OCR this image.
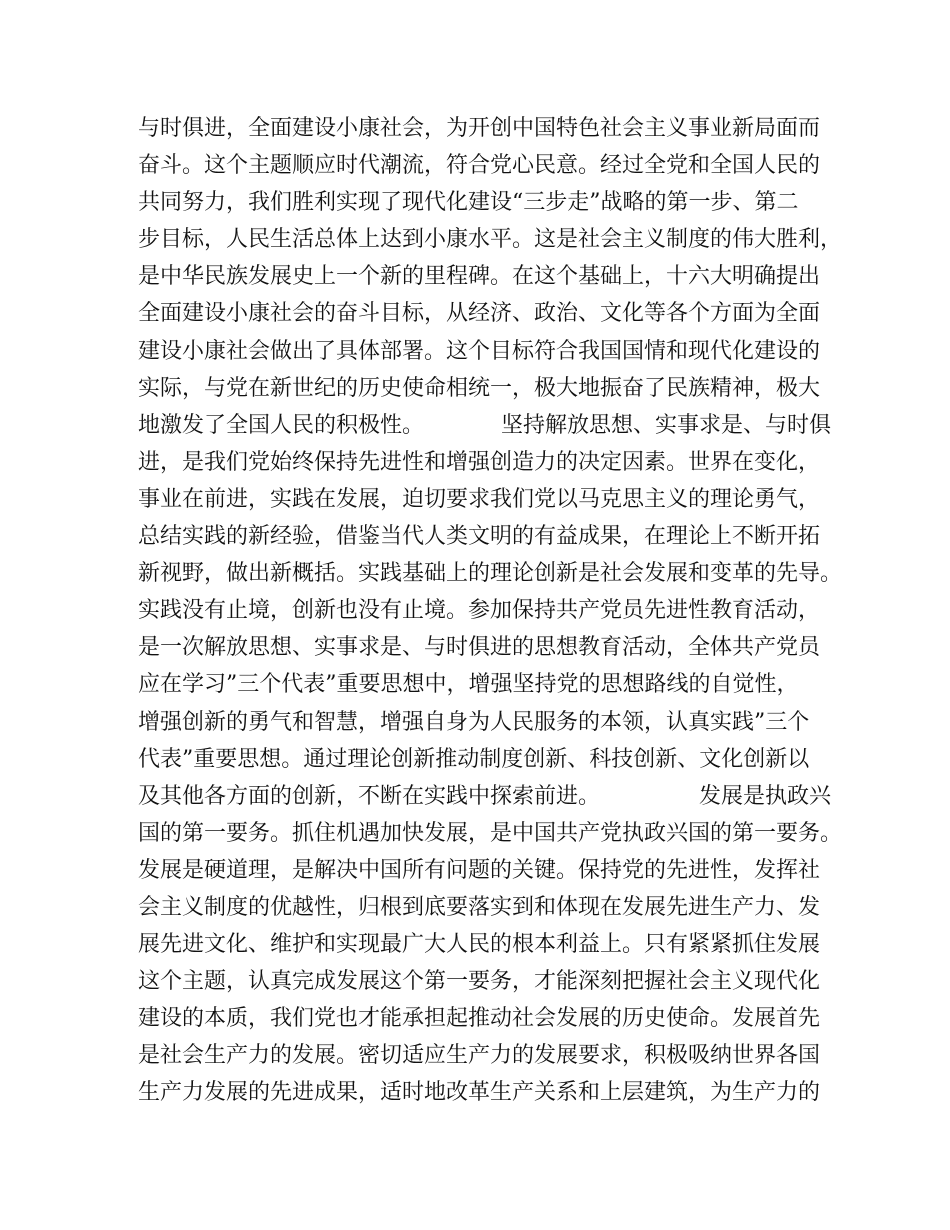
与时俱进，全面建设小康社会，为开创中国特色社会主义事业新局面而
奋斗。这个主题顺应时代潮流，符合党心民意。经过全党和全国人民的
共同努力，我们胜利实现了现代化建设“三步走”战略的第一步、第二
步目标，人民生活总体上达到小康水平。这是社会主义制度的伟大胜利，
是中华民族发展史上一个新的里程碑。在这个基础上，十六大明确提出
全面建设小康社会的奋斗目标，从经济、政治、文化等各个方面为全面
建设小康社会做出了具体部署。这个目标符合我国国情和现代化建设的
实际，与党在新世纪的历史使命相统一，极大地振奋了民族精神，极大
地激发了全国人民的积极性。　　　　坚持解放思想、实事求是、与时俱
进，是我们党始终保持先进性和增强创造力的决定因素。世界在变化，
事业在前进，实践在发展，迫切要求我们党以马克思主义的理论勇气，
总结实践的新经验，借鉴当代人类文明的有益成果，在理论上不断开拓
新视野，做出新概括。实践基础上的理论创新是社会发展和变革的先导。
实践没有止境，创新也没有止境。参加保持共产党员先进性教育活动，
是一次解放思想、实事求是、与时俱进的思想教育活动，全体共产党员
应在学习”三个代表”重要思想中，增强坚持党的思想路线的自觉性，
增强创新的勇气和智慧，增强自身为人民服务的本领，认真实践”三个
代表”重要思想。通过理论创新推动制度创新、科技创新、文化创新以
及其他各方面的创新，不断在实践中探索前进。　　　　　发展是执政兴
国的第一要务。抓住机遇加快发展，是中国共产党执政兴国的第一要务。
发展是硬道理，是解决中国所有问题的关键。保持党的先进性，发挥社
会主义制度的优越性，归根到底要落实到和体现在发展先进生产力、发
展先进文化、维护和实现最广大人民的根本利益上。只有紧紧抓住发展
这个主题，认真完成发展这个第一要务，才能深刻把握社会主义现代化
建设的本质，我们党也才能承担起推动社会发展的历史使命。发展首先
是社会生产力的发展。密切适应生产力的发展要求，积极吸纳世界各国
生产力发展的先进成果，适时地改革生产关系和上层建筑，为生产力的
